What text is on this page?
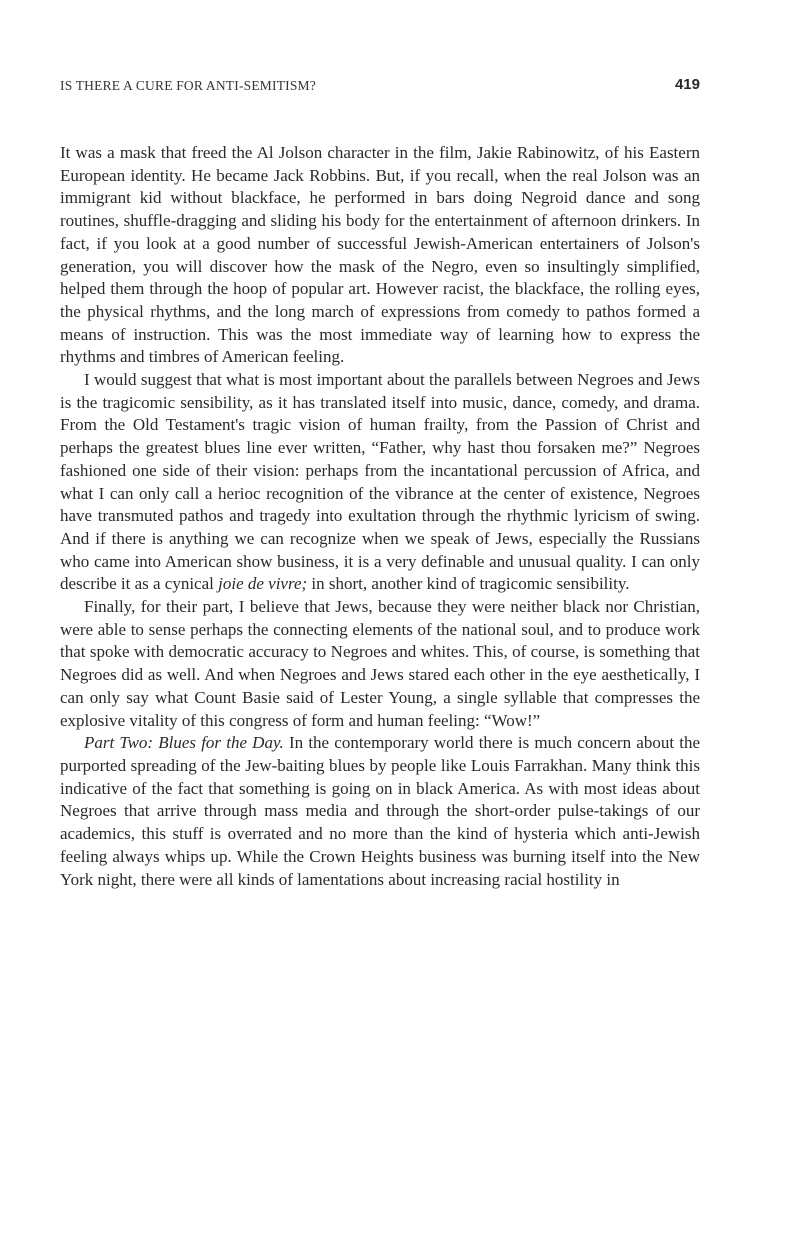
IS THERE A CURE FOR ANTI-SEMITISM?	419

It was a mask that freed the Al Jolson character in the film, Jakie Rabinowitz, of his Eastern European identity. He became Jack Robbins. But, if you recall, when the real Jolson was an immigrant kid without blackface, he performed in bars doing Negroid dance and song routines, shuffle-dragging and sliding his body for the entertainment of afternoon drinkers. In fact, if you look at a good number of successful Jewish-American entertainers of Jolson's generation, you will discover how the mask of the Negro, even so insultingly simplified, helped them through the hoop of popular art. However racist, the blackface, the rolling eyes, the physical rhythms, and the long march of expressions from comedy to pathos formed a means of instruction. This was the most immediate way of learning how to express the rhythms and timbres of American feeling.

I would suggest that what is most important about the parallels between Negroes and Jews is the tragicomic sensibility, as it has translated itself into music, dance, comedy, and drama. From the Old Testament's tragic vision of human frailty, from the Passion of Christ and perhaps the greatest blues line ever written, “Father, why hast thou forsaken me?” Negroes fashioned one side of their vision: perhaps from the incantational percussion of Africa, and what I can only call a herioc recognition of the vibrance at the center of existence, Negroes have transmuted pathos and tragedy into exultation through the rhythmic lyricism of swing. And if there is anything we can recognize when we speak of Jews, especially the Russians who came into American show business, it is a very definable and unusual quality. I can only describe it as a cynical joie de vivre; in short, another kind of tragicomic sensibility.

Finally, for their part, I believe that Jews, because they were neither black nor Christian, were able to sense perhaps the connecting elements of the national soul, and to produce work that spoke with democratic accuracy to Negroes and whites. This, of course, is something that Negroes did as well. And when Negroes and Jews stared each other in the eye aesthetically, I can only say what Count Basie said of Lester Young, a single syllable that compresses the explosive vitality of this congress of form and human feeling: “Wow!”

Part Two: Blues for the Day. In the contemporary world there is much concern about the purported spreading of the Jew-baiting blues by people like Louis Farrakhan. Many think this indicative of the fact that something is going on in black America. As with most ideas about Negroes that arrive through mass media and through the short-order pulse-takings of our academics, this stuff is overrated and no more than the kind of hysteria which anti-Jewish feeling always whips up. While the Crown Heights business was burning itself into the New York night, there were all kinds of lamentations about increasing racial hostility in
